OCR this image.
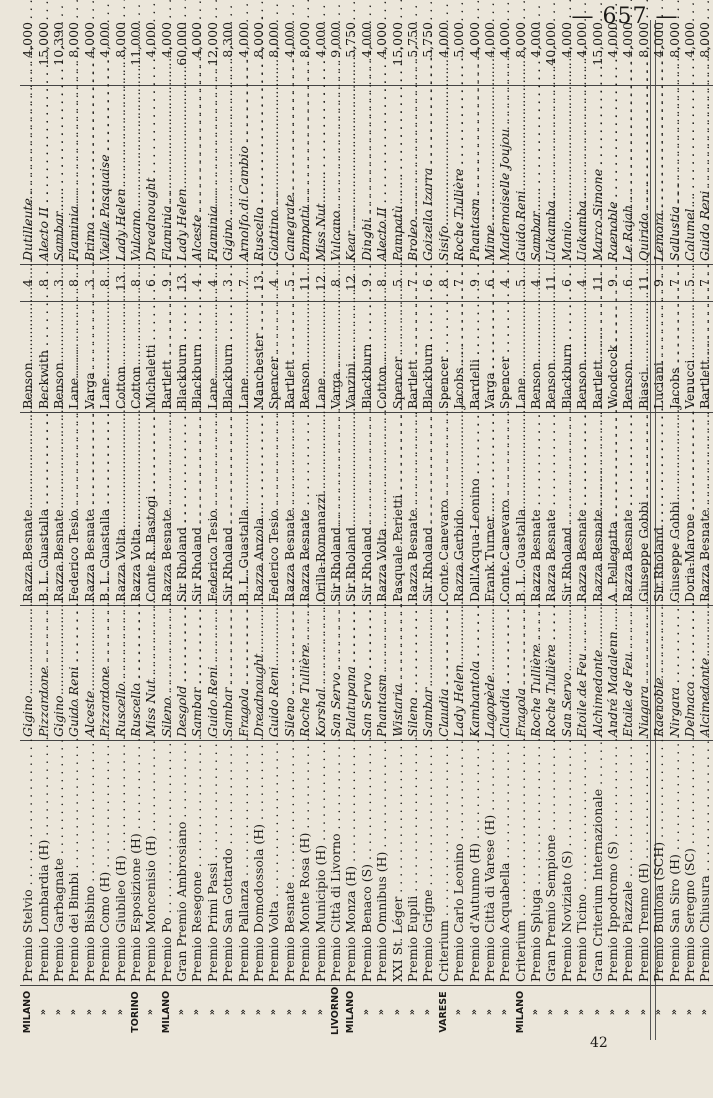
— 657 —
42
MILANO	Premio Stelvio . . .	Gigino . . .	Razza Besnate . . .	Benson . . .	4	Dutilleute . . .	4,000
»	Premio Lombardia (H) . . .	Pizzardone . . .	B. L. Guastalla . . .	Beckwith . . .	8	Alecto II . . .	15,000
»	Premio Garbagnate . . .	Gigino . . .	Razza Besnate . . .	Benson . . .	3	Sambar . . .	10,390
»	Premio dei Bimbi . . .	Guido Reni . . .	Federico Tesio . . .	Lane . . .	8	Flaminia . . .	8,000
»	Premio Bisbino . . .	Alceste . . .	Razza Besnate . . .	Varga . . .	3	Brimo . . .	4,000
»	Premio Como (H) . . .	Pizzardone . . .	B. L. Guastalla . . .	Lane . . .	8	Vieille Pasquaise . . .	4,000
»	Premio Giubileo (H) . . .	Ruscello . . .	Razza Volta . . .	Cotton . . .	13	Lady Helen . . .	8,000
TORINO	Premio Esposizione (H) . . .	Ruscello . . .	Razza Volta . . .	Cotton . . .	8	Vulcano . . .	11,000
»	Premio Moncenisio (H) . . .	Miss Nut . . .	Conte R. Bastogi . . .	Micheletti . . .	6	Dreadnought . . .	4,000
MILANO	Premio Po . . .	Sileno . . .	Razza Besnate . . .	Bartlett . . .	9	Flaminia . . .	4,000
»	Gran Premio Ambrosiano . . .	Desgold . . .	Sir Rholand . . .	Blackburn . . .	13	Lady Helen . . .	60,000
»	Premio Resegone . . .	Sambar . . .	Sir Rholand . . .	Blackburn . . .	4	Alceste . . .	4,000
»	Premio Primi Passi . . .	Guido Reni . . .	Federico Tesio . . .	Lane . . .	4	Flaminia . . .	12,000
»	Premio San Gottardo . . .	Sambar . . .	Sir Rholand . . .	Blackburn . . .	3	Gigino . . .	8,300
»	Premio Pallanza . . .	Fragola . . .	B. L. Guastalla . . .	Lane . . .	7	Arnolfo di Cambio . . .	4,000
»	Premio Domodossola (H) . . .	Dreadnought . . .	Razza Anzola . . .	Manchester . . .	13	Ruscello . . .	8,000
»	Premio Volta . . .	Guido Reni . . .	Federico Tesio . . .	Spencer . . .	4	Giottino . . .	8,000
»	Premio Besnate . . .	Sileno . . .	Razza Besnate . . .	Bartlett . . .	5	Canegrate . . .	4,000
»	Premio Monte Rosa (H) . . .	Roche Tullière . . .	Razza Besnate . . .	Benson . . .	11	Pampatù . . .	8,000
»	Premio Municipio (H) . . .	Korshal . . .	Orilla-Romanazzi . . .	Lane . . .	12	Miss Nut . . .	4,000
LIVORNO	Premio Città di Livorno . . .	San Servo . . .	Sir Rholand . . .	Varga . . .	8	Vulcano . . .	9,000
MILANO	Premio Monza (H) . . .	Palatupana . . .	Sir Rholand . . .	Vanzini . . .	12	Kear . . .	5,750
»	Premio Benaco (S) . . .	San Servo . . .	Sir Rholand . . .	Blackburn . . .	9	Dinghi . . .	4,000
»	Premio Omnibus (H) . . .	Phantasm . . .	Razza Volta . . .	Cotton . . .	8	Alecto II . . .	4,000
»	XXI St. Léger . . .	Wistaria . . .	Pasquale Perietti . . .	Spencer . . .	5	Pampatù . . .	15,000
»	Premio Eupili . . .	Sileno . . .	Razza Besnate . . .	Bartlett . . .	7	Broleo . . .	5,750
»	Premio Grigne . . .	Sambar . . .	Sir Rholand . . .	Blackburn . . .	6	Goizello Izarra . . .	5,750
VARESE	Criterium . . .	Claudia . . .	Conte Canevaro . . .	Spencer . . .	8	Sisifo . . .	4,000
»	Premio Carlo Leonino . . .	Lady Helen . . .	Razza Gerbido . . .	Jacobs . . .	7	Roche Tullière . . .	5,000
»	Premio d'Autunno (H) . . .	Kambantola . . .	Dall'Acqua-Leonino . . .	Bardelli . . .	9	Phantasm . . .	4,000
»	Premio Città di Varese (H) . . .	Lagopède . . .	Frank Turner . . .	Varga . . .	6	Mime . . .	4,000
»	Premio Acquabella . . .	Claudia . . .	Conte Canevaro . . .	Spencer . . .	4	Mademoiselle Joujou . . .	4,000
MILANO	Criterium . . .	Fragola . . .	B. L. Guastalla . . .	Lane . . .	5	Guido Reni . . .	8,000
»	Premio Spluga . . .	Roche Tullière . . .	Razza Besnate . . .	Benson . . .	4	Sambar . . .	4,000
»	Gran Premio Sempione . . .	Roche Tullière . . .	Razza Besnate . . .	Benson . . .	11	Uakamba . . .	40,000
»	Premio Noviziato (S) . . .	San Servo . . .	Sir Rholand . . .	Blackburn . . .	6	Manio . . .	4,000
»	Premio Ticino . . .	Etoile de Feu . . .	Razza Besnate . . .	Benson . . .	4	Uakamba . . .	4,000
»	Gran Criterium Internazionale . . .	Alchimedonte . . .	Razza Besnate . . .	Bartlett . . .	11	Marco Simone . . .	15,000
»	Premio Ippodromo (S) . . .	André Madalenn . . .	A. Pellegatta . . .	Woodcock . . .	9	Raenoble . . .	4,000
»	Premio Piazzale . . .	Etoile de Feu . . .	Razza Besnate . . .	Benson . . .	6	Le Rajah . . .	4,000
»	Premio Trenno (H) . . .	Niagara . . .	Giuseppe Gobbi . . .	Biasci . . .	11	Quirido . . .	8,000
»	Premio Bullona (SCH) . . .	Raenoble . . .	Sir Rholand . . .	Luciani . . .	9	Lemora . . .	4,000
»	Premio San Siro (H) . . .	Nirgara . . .	Giuseppe Gobbi . . .	Jacobs . . .	7	Sallustia . . .	8,000
»	Premio Seregno (SC) . . .	Delmaco . . .	Doria-Marone . . .	Venucci . . .	5	Columel . . .	4,000
»	Premio Chiusura . . .	Alcimedonte . . .	Razza Besnate . . .	Bartlett . . .	7	Guido Reni . . .	8,000
